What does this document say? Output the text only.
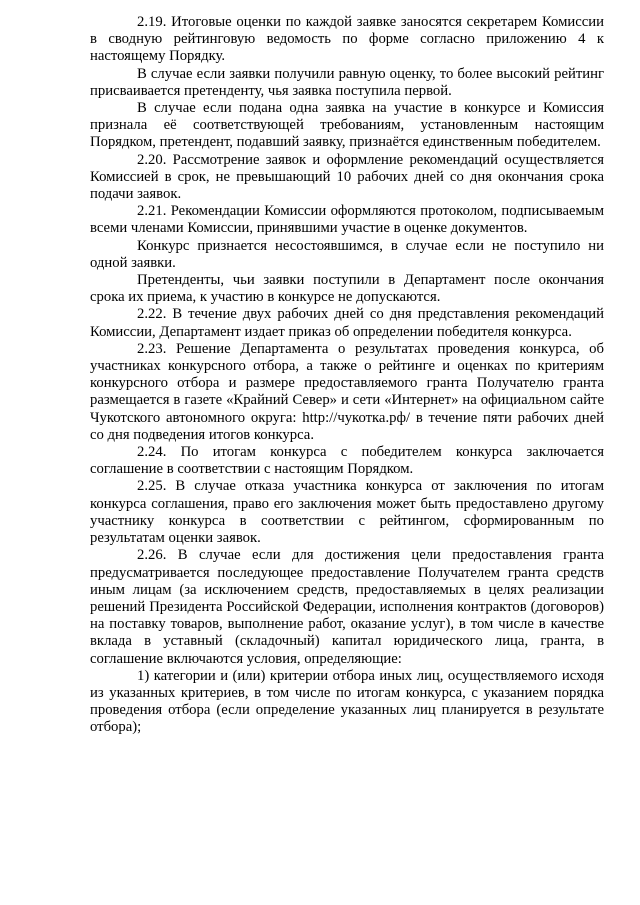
2.19. Итоговые оценки по каждой заявке заносятся секретарем Комиссии в сводную рейтинговую ведомость по форме согласно приложению 4 к настоящему Порядку.

В случае если заявки получили равную оценку, то более высокий рейтинг присваивается претенденту, чья заявка поступила первой.

В случае если подана одна заявка на участие в конкурсе и Комиссия признала её соответствующей требованиям, установленным настоящим Порядком, претендент, подавший заявку, признаётся единственным победителем.

2.20. Рассмотрение заявок и оформление рекомендаций осуществляется Комиссией в срок, не превышающий 10 рабочих дней со дня окончания срока подачи заявок.

2.21. Рекомендации Комиссии оформляются протоколом, подписываемым всеми членами Комиссии, принявшими участие в оценке документов.

Конкурс признается несостоявшимся, в случае если не поступило ни одной заявки.

Претенденты, чьи заявки поступили в Департамент после окончания срока их приема, к участию в конкурсе не допускаются.

2.22. В течение двух рабочих дней со дня представления рекомендаций Комиссии, Департамент издает приказ об определении победителя конкурса.

2.23. Решение Департамента о результатах проведения конкурса, об участниках конкурсного отбора, а также о рейтинге и оценках по критериям конкурсного отбора и размере предоставляемого гранта Получателю гранта размещается в газете «Крайний Север» и сети «Интернет» на официальном сайте Чукотского автономного округа: http://чукотка.рф/ в течение пяти рабочих дней со дня подведения итогов конкурса.

2.24. По итогам конкурса с победителем конкурса заключается соглашение в соответствии с настоящим Порядком.

2.25. В случае отказа участника конкурса от заключения по итогам конкурса соглашения, право его заключения может быть предоставлено другому участнику конкурса в соответствии с рейтингом, сформированным по результатам оценки заявок.

2.26. В случае если для достижения цели предоставления гранта предусматривается последующее предоставление Получателем гранта средств иным лицам (за исключением средств, предоставляемых в целях реализации решений Президента Российской Федерации, исполнения контрактов (договоров) на поставку товаров, выполнение работ, оказание услуг), в том числе в качестве вклада в уставный (складочный) капитал юридического лица, гранта, в соглашение включаются условия, определяющие:

1) категории и (или) критерии отбора иных лиц, осуществляемого исходя из указанных критериев, в том числе по итогам конкурса, с указанием порядка проведения отбора (если определение указанных лиц планируется в результате отбора);
